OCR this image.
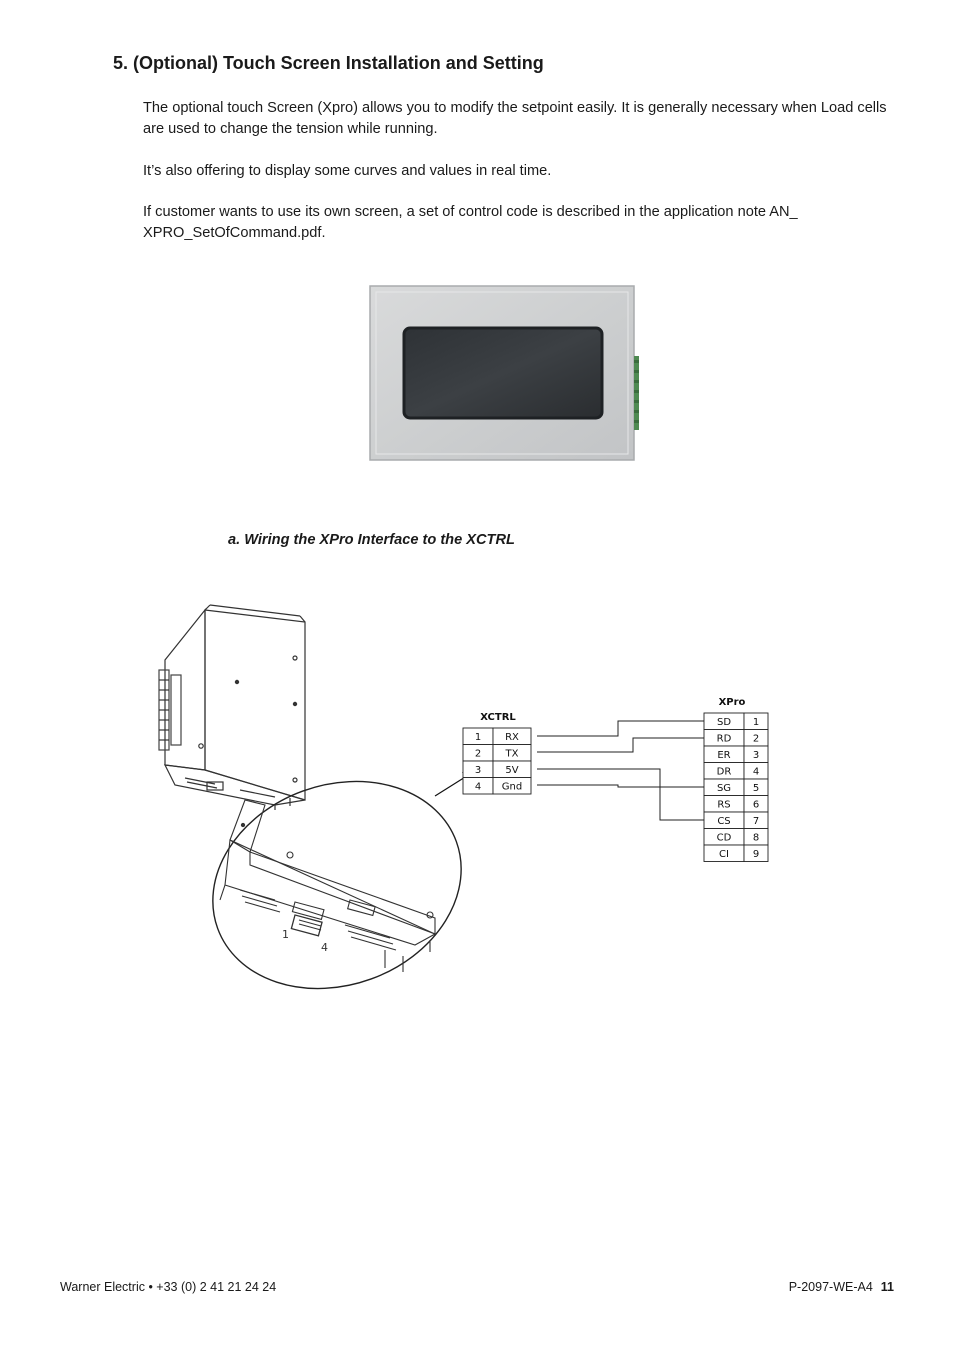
5. (Optional) Touch Screen Installation and Setting

The optional touch Screen (Xpro) allows you to modify the setpoint easily. It is generally necessary when Load cells are used to change the tension while running.

It’s also offering to display some curves and values in real time.

If customer wants to use its own screen, a set of control code is described in the application note AN_ XPRO_SetOfCommand.pdf.

a. Wiring the XPro Interface to the XCTRL
1
4
XCTRL
1 RX
2 TX
3 5V
4 Gnd
XPro
SD 1
RD 2
ER 3
DR 4
SG 5
RS 6
CS 7
CD 8
CI 9
Warner Electric • +33 (0) 2 41 21 24 24	P-2097-WE-A4 11
